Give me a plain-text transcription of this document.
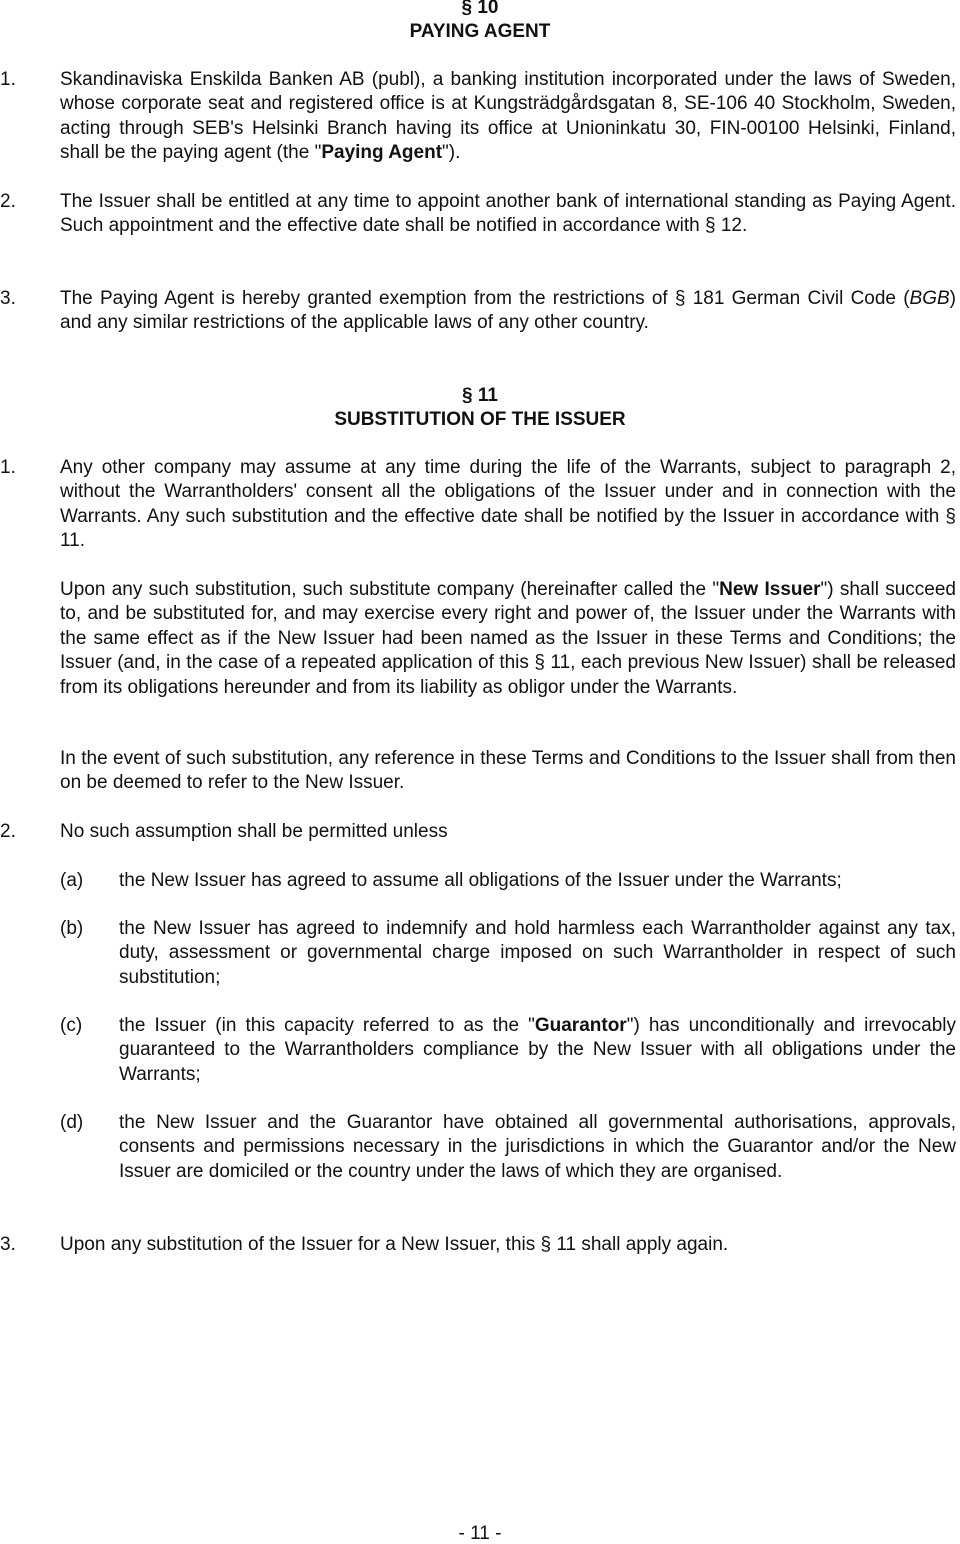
§ 10
PAYING AGENT
1.	Skandinaviska Enskilda Banken AB (publ), a banking institution incorporated under the laws of Sweden, whose corporate seat and registered office is at Kungsträdgårdsgatan 8, SE-106 40 Stockholm, Sweden, acting through SEB's Helsinki Branch having its office at Unioninkatu 30, FIN-00100 Helsinki, Finland, shall be the paying agent (the "Paying Agent").

2.	The Issuer shall be entitled at any time to appoint another bank of international standing as Paying Agent. Such appointment and the effective date shall be notified in accordance with § 12.

3.	The Paying Agent is hereby granted exemption from the restrictions of § 181 German Civil Code (BGB) and any similar restrictions of the applicable laws of any other country.

§ 11
SUBSTITUTION OF THE ISSUER
1.	Any other company may assume at any time during the life of the Warrants, subject to paragraph 2, without the Warrantholders' consent all the obligations of the Issuer under and in connection with the Warrants. Any such substitution and the effective date shall be notified by the Issuer in accordance with § 11.

Upon any such substitution, such substitute company (hereinafter called the "New Issuer") shall succeed to, and be substituted for, and may exercise every right and power of, the Issuer under the Warrants with the same effect as if the New Issuer had been named as the Issuer in these Terms and Conditions; the Issuer (and, in the case of a repeated application of this § 11, each previous New Issuer) shall be released from its obligations hereunder and from its liability as obligor under the Warrants.

In the event of such substitution, any reference in these Terms and Conditions to the Issuer shall from then on be deemed to refer to the New Issuer.

2.	No such assumption shall be permitted unless

(a) the New Issuer has agreed to assume all obligations of the Issuer under the Warrants;

(b) the New Issuer has agreed to indemnify and hold harmless each Warrantholder against any tax, duty, assessment or governmental charge imposed on such Warrantholder in respect of such substitution;

(c) the Issuer (in this capacity referred to as the "Guarantor") has unconditionally and irrevocably guaranteed to the Warrantholders compliance by the New Issuer with all obligations under the Warrants;

(d) the New Issuer and the Guarantor have obtained all governmental authorisations, approvals, consents and permissions necessary in the jurisdictions in which the Guarantor and/or the New Issuer are domiciled or the country under the laws of which they are organised.

3.	Upon any substitution of the Issuer for a New Issuer, this § 11 shall apply again.

- 11 -
